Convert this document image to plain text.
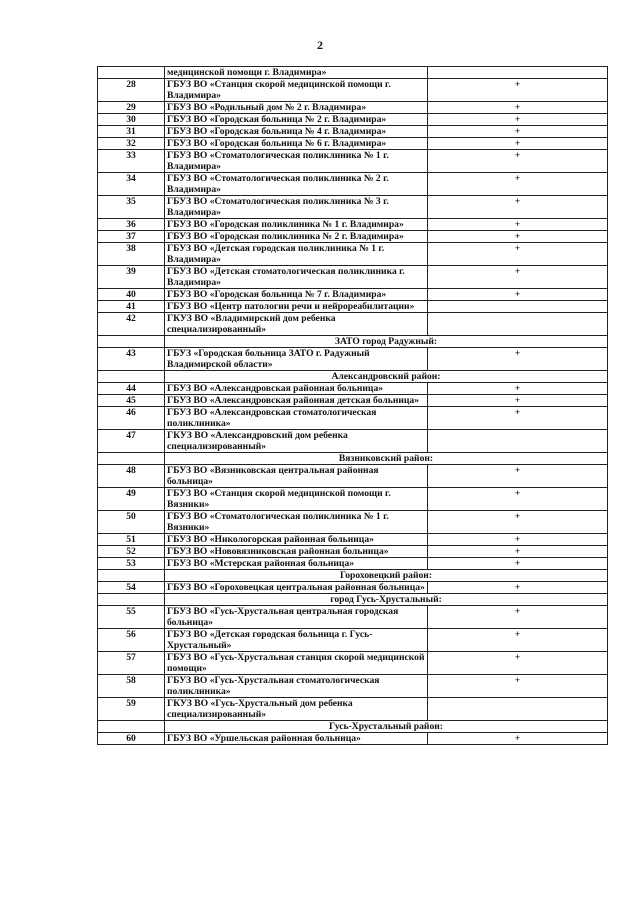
2
	медицинской помощи г. Владимира»	
28	ГБУЗ ВО «Станция скорой медицинской помощи г. Владимира»	+
29	ГБУЗ ВО «Родильный дом № 2 г. Владимира»	+
30	ГБУЗ ВО «Городская больница № 2 г. Владимира»	+
31	ГБУЗ ВО «Городская больница № 4 г. Владимира»	+
32	ГБУЗ ВО «Городская больница № 6 г. Владимира»	+
33	ГБУЗ ВО «Стоматологическая поликлиника № 1 г. Владимира»	+
34	ГБУЗ ВО «Стоматологическая поликлиника № 2 г. Владимира»	+
35	ГБУЗ ВО «Стоматологическая поликлиника № 3 г. Владимира»	+
36	ГБУЗ ВО «Городская поликлиника № 1 г. Владимира»	+
37	ГБУЗ ВО «Городская поликлиника № 2 г. Владимира»	+
38	ГБУЗ ВО «Детская городская поликлиника № 1 г. Владимира»	+
39	ГБУЗ ВО «Детская стоматологическая поликлиника г. Владимира»	+
40	ГБУЗ ВО «Городская больница № 7 г. Владимира»	+
41	ГБУЗ ВО «Центр патологии речи и нейрореабилитации»	
42	ГКУЗ ВО «Владимирский дом ребенка специализированный»	
	ЗАТО город Радужный:	
43	ГБУЗ «Городская больница ЗАТО г. Радужный Владимирской области»	+
	Александровский район:	
44	ГБУЗ ВО «Александровская районная больница»	+
45	ГБУЗ ВО «Александровская районная детская больница»	+
46	ГБУЗ ВО «Александровская стоматологическая поликлиника»	+
47	ГКУЗ ВО «Александровский дом ребенка специализированный»	
	Вязниковский район:	
48	ГБУЗ ВО «Вязниковская центральная районная больница»	+
49	ГБУЗ ВО «Станция скорой медицинской помощи г. Вязники»	+
50	ГБУЗ ВО «Стоматологическая поликлиника № 1 г. Вязники»	+
51	ГБУЗ ВО «Никологорская районная больница»	+
52	ГБУЗ ВО «Нововязниковская районная больница»	+
53	ГБУЗ ВО «Мстерская районная больница»	+
	Гороховецкий район:	
54	ГБУЗ ВО «Гороховецкая центральная районная больница»	+
	город Гусь-Хрустальный:	
55	ГБУЗ ВО «Гусь-Хрустальная центральная городская больница»	+
56	ГБУЗ ВО «Детская городская больница г. Гусь-Хрустальный»	+
57	ГБУЗ ВО «Гусь-Хрустальная станция скорой медицинской помощи»	+
58	ГБУЗ ВО «Гусь-Хрустальная стоматологическая поликлиника»	+
59	ГКУЗ ВО «Гусь-Хрустальный дом ребенка специализированный»	
	Гусь-Хрустальный район:	
60	ГБУЗ ВО «Уршельская районная больница»	+
